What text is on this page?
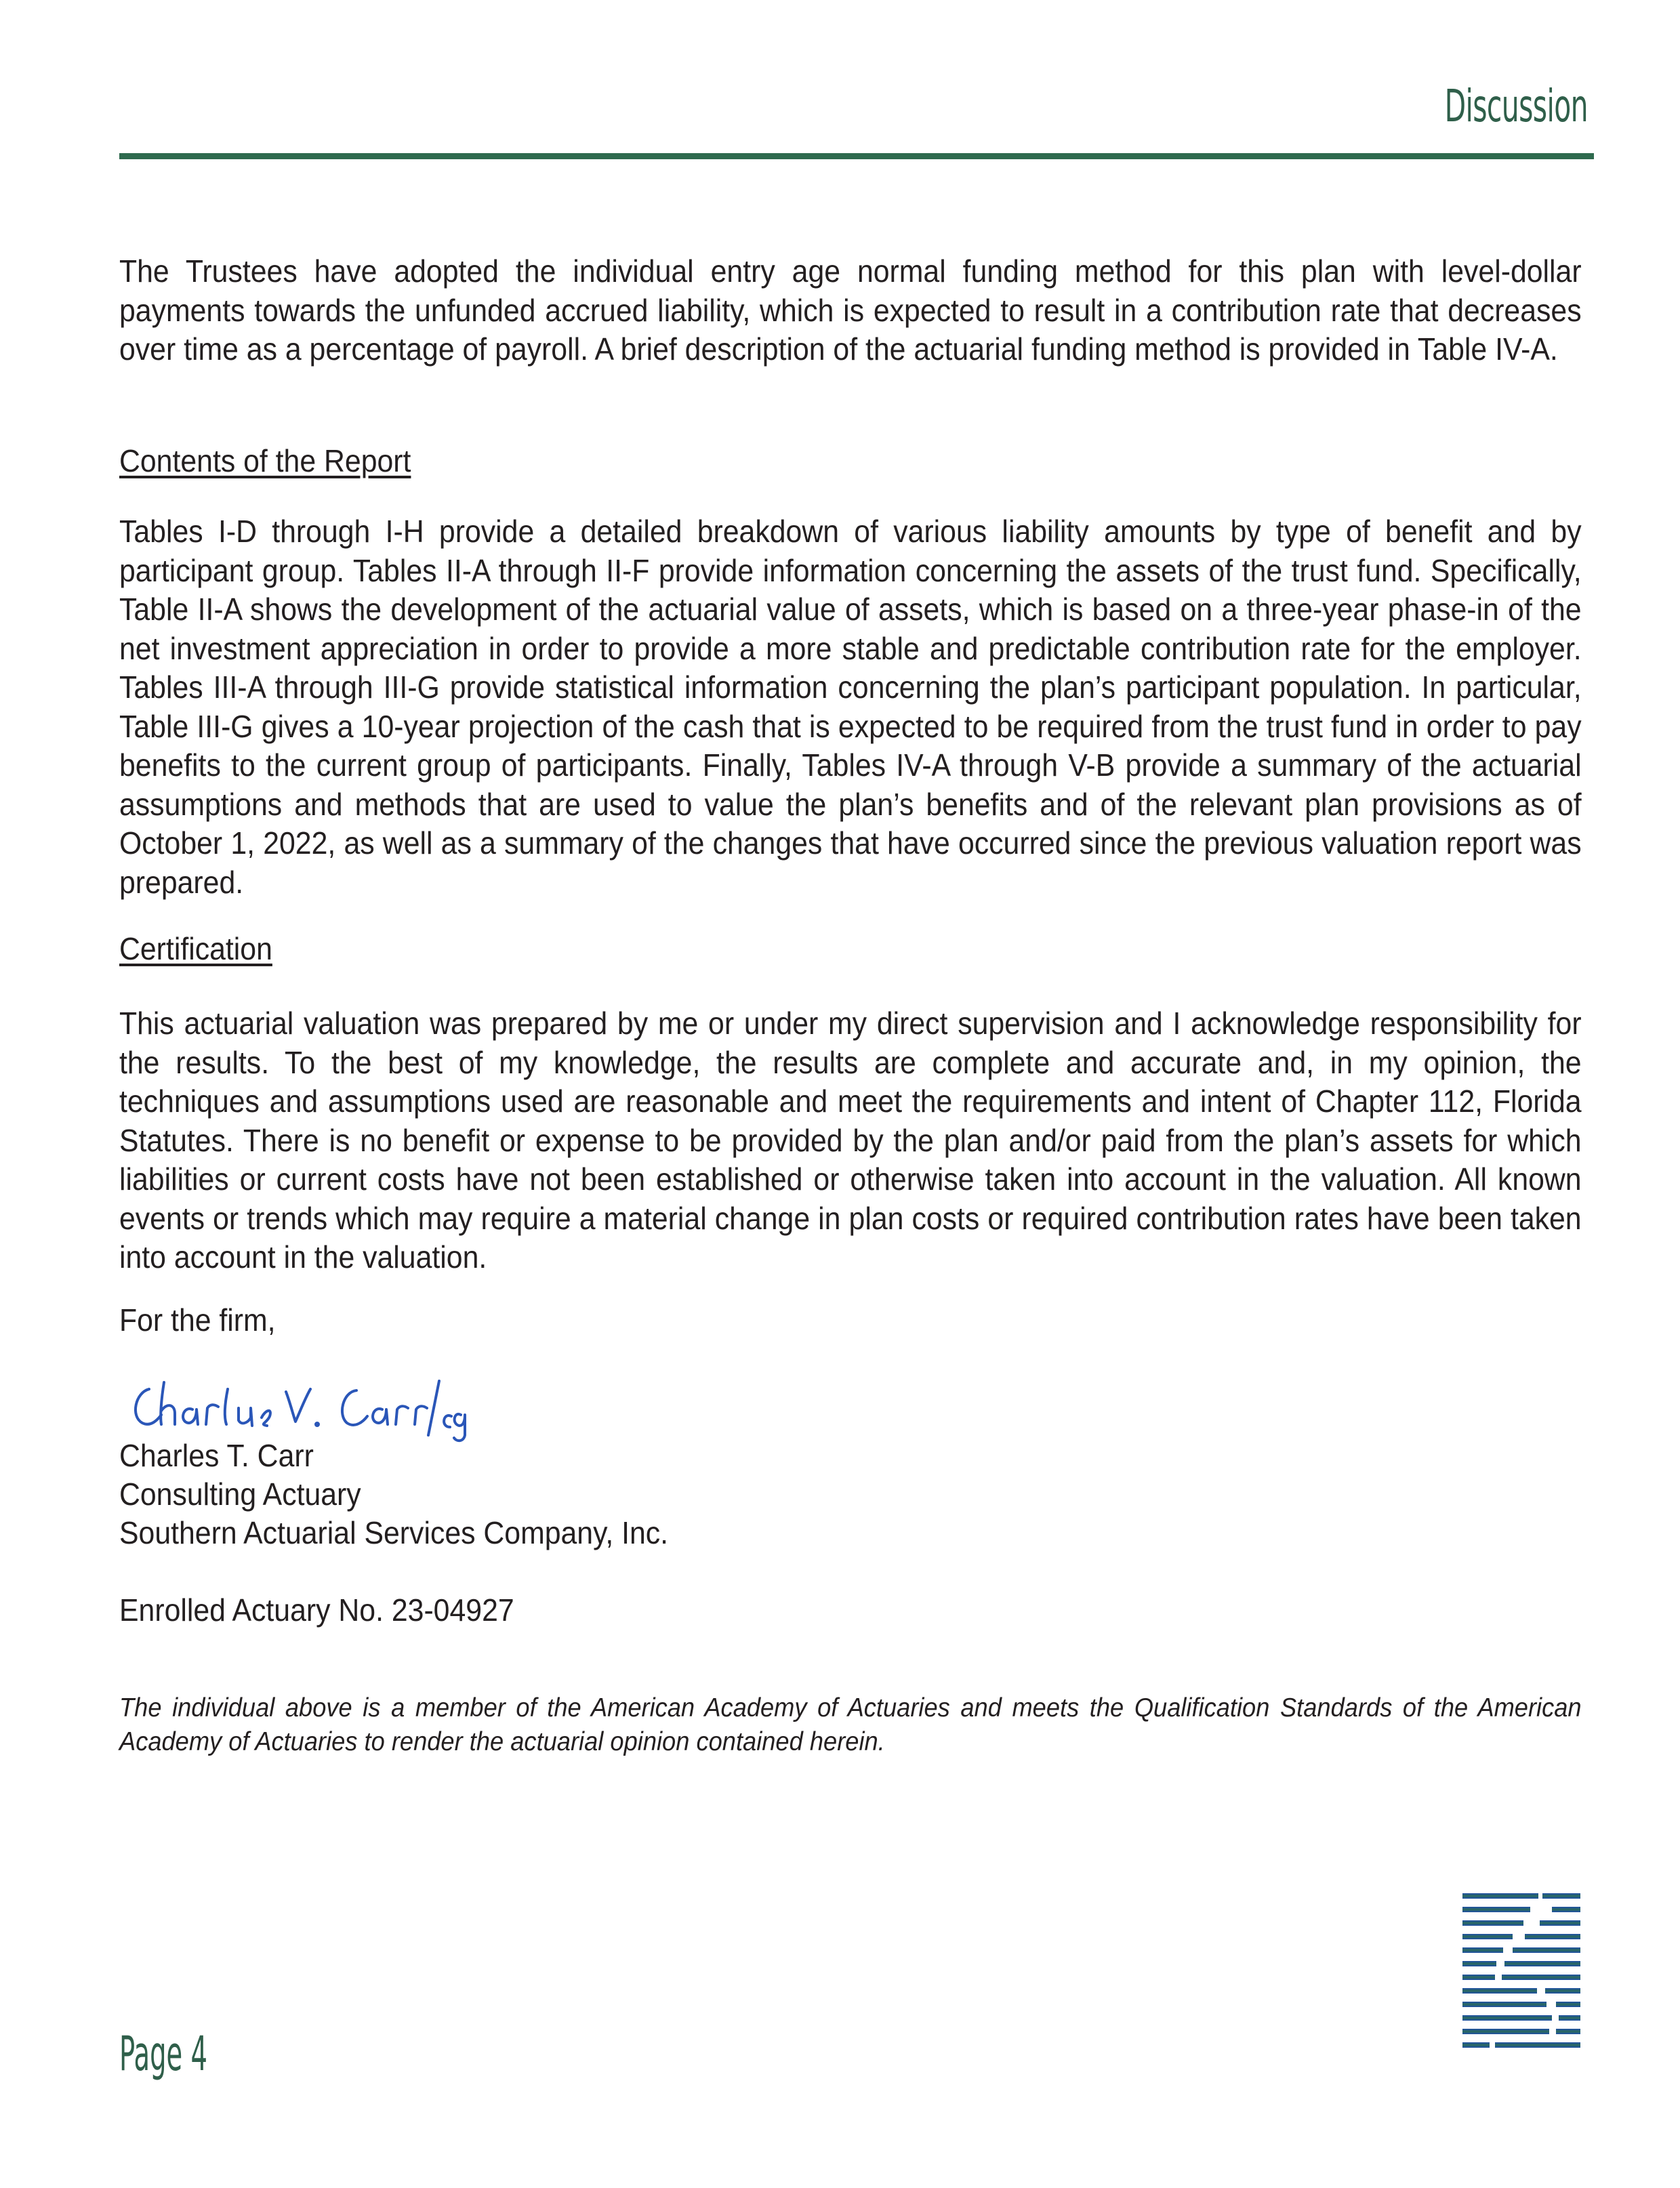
Discussion
The Trustees have adopted the individual entry age normal funding method for this plan with level-dollar payments towards the unfunded accrued liability, which is expected to result in a contribution rate that decreases over time as a percentage of payroll. A brief description of the actuarial funding method is provided in Table IV-A.
Contents of the Report
Tables I-D through I-H provide a detailed breakdown of various liability amounts by type of benefit and by participant group. Tables II-A through II-F provide information concerning the assets of the trust fund. Specifically, Table II-A shows the development of the actuarial value of assets, which is based on a three-year phase-in of the net investment appreciation in order to provide a more stable and predictable contribution rate for the employer. Tables III-A through III-G provide statistical information concerning the plan’s participant population. In particular, Table III-G gives a 10-year projection of the cash that is expected to be required from the trust fund in order to pay benefits to the current group of participants. Finally, Tables IV-A through V-B provide a summary of the actuarial assumptions and methods that are used to value the plan’s benefits and of the relevant plan provisions as of October 1, 2022, as well as a summary of the changes that have occurred since the previous valuation report was prepared.
Certification
This actuarial valuation was prepared by me or under my direct supervision and I acknowledge responsibility for the results. To the best of my knowledge, the results are complete and accurate and, in my opinion, the techniques and assumptions used are reasonable and meet the requirements and intent of Chapter 112, Florida Statutes. There is no benefit or expense to be provided by the plan and/or paid from the plan’s assets for which liabilities or current costs have not been established or otherwise taken into account in the valuation. All known events or trends which may require a material change in plan costs or required contribution rates have been taken into account in the valuation.
For the firm,
Charles T. Carr
Consulting Actuary
Southern Actuarial Services Company, Inc.
Enrolled Actuary No. 23-04927
The individual above is a member of the American Academy of Actuaries and meets the Qualification Standards of the American Academy of Actuaries to render the actuarial opinion contained herein.
Page 4
